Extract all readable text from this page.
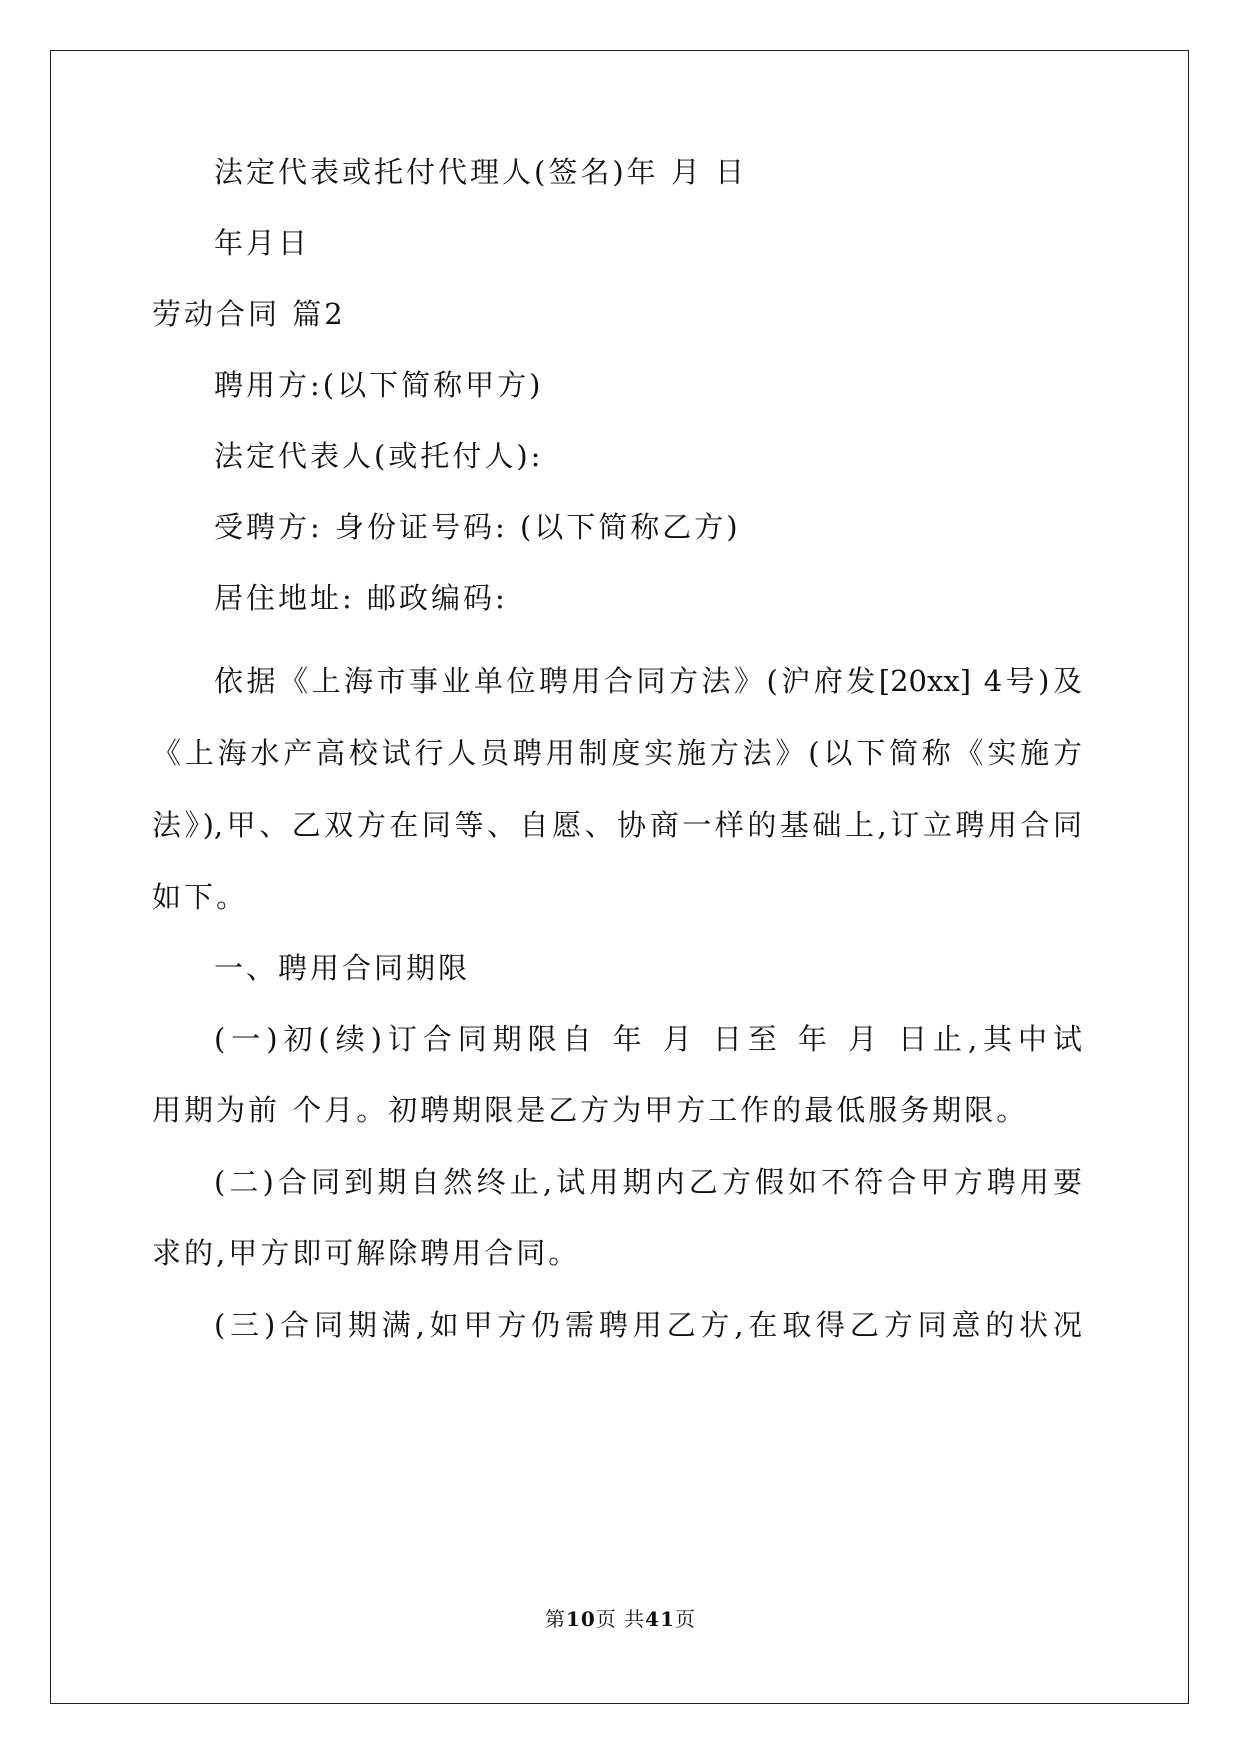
法定代表或托付代理人(签名)年 月 日
年月日
劳动合同 篇2
聘用方:(以下简称甲方)
法定代表人(或托付人):
受聘方: 身份证号码: (以下简称乙方)
居住地址: 邮政编码:
依据《上海市事业单位聘用合同方法》(沪府发[20xx] 4号)及
《上海水产高校试行人员聘用制度实施方法》(以下简称《实施方
法》),甲、乙双方在同等、自愿、协商一样的基础上,订立聘用合同
如下。
一、聘用合同期限
(一)初(续)订合同期限自 年 月 日至 年 月 日止,其中试
用期为前 个月。初聘期限是乙方为甲方工作的最低服务期限。
(二)合同到期自然终止,试用期内乙方假如不符合甲方聘用要
求的,甲方即可解除聘用合同。
(三)合同期满,如甲方仍需聘用乙方,在取得乙方同意的状况
第10页 共41页
